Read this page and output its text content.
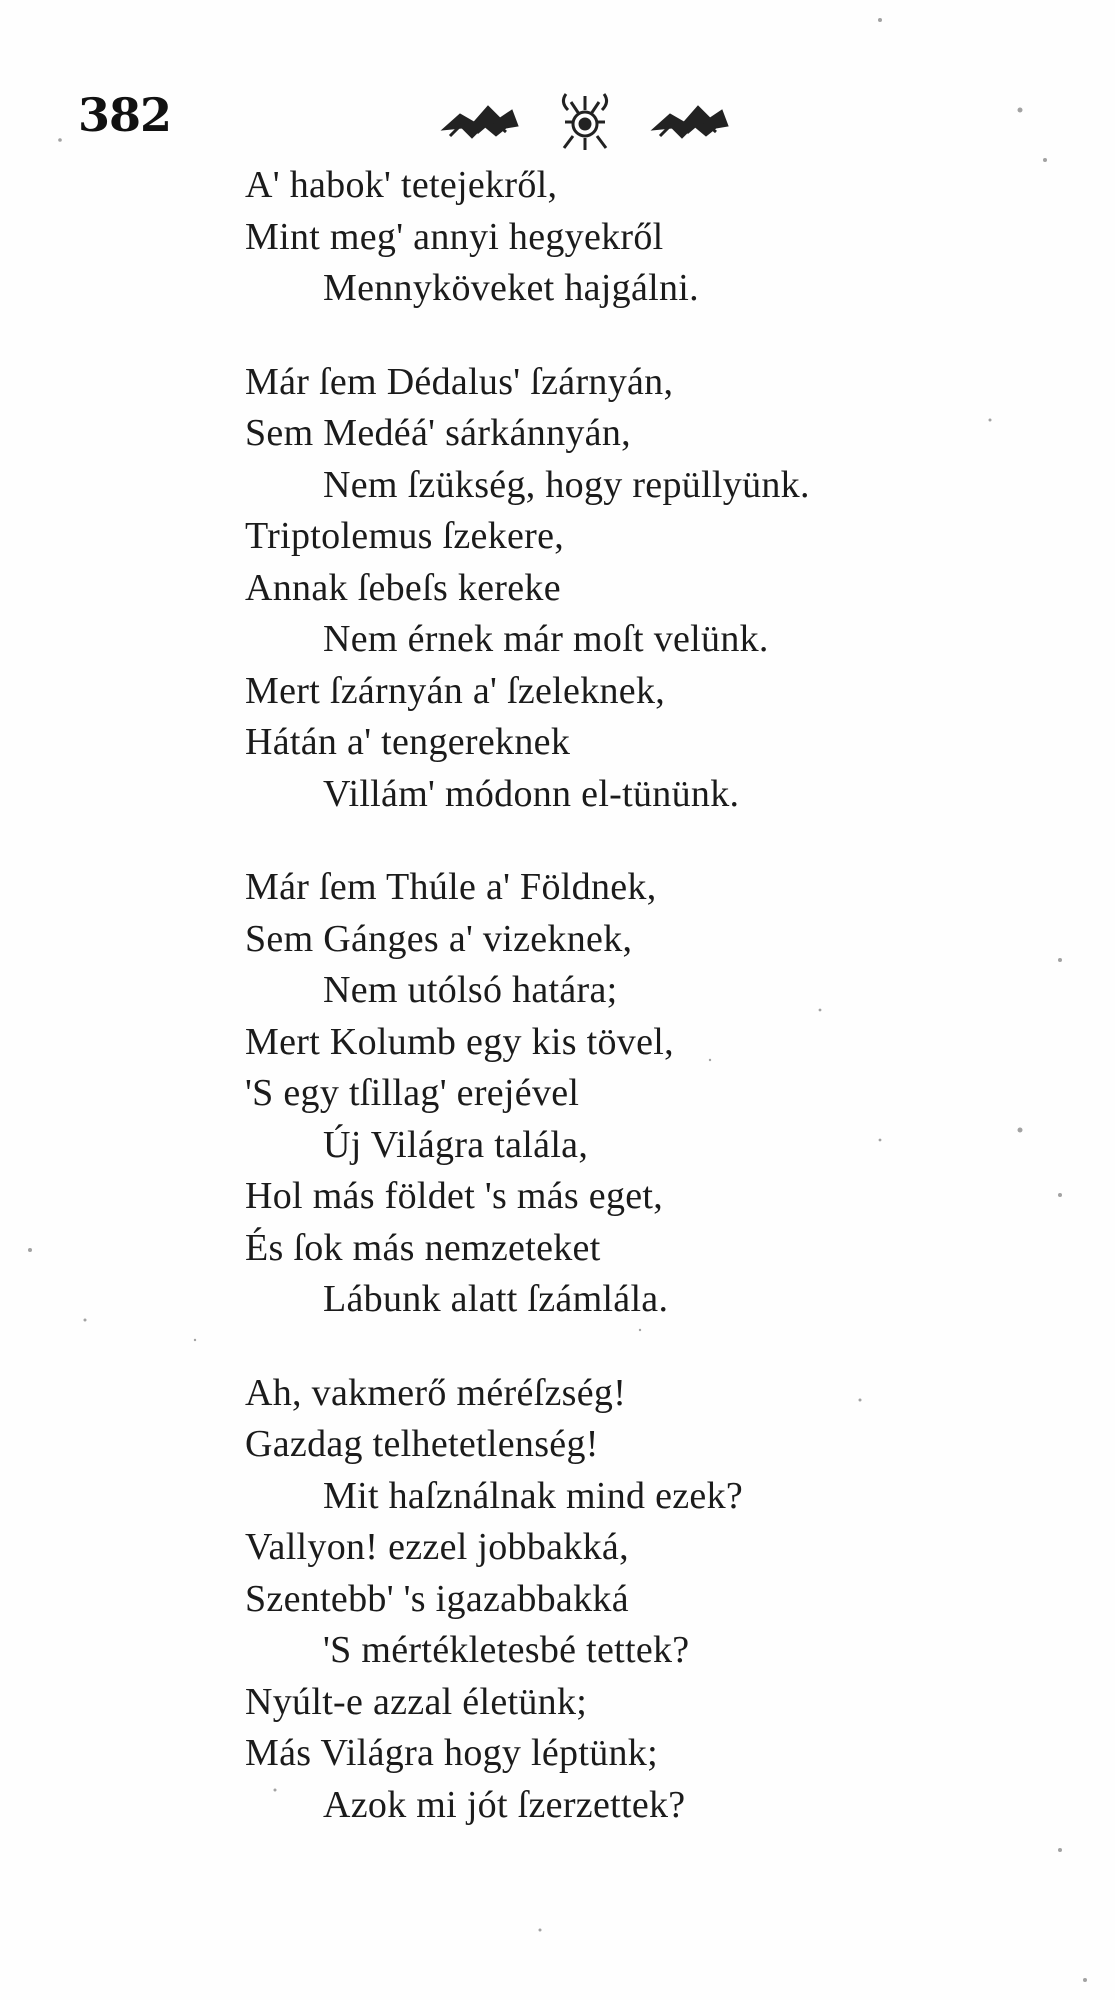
382
A' habok' tetejekről,
Mint meg' annyi hegyekről
Mennyköveket hajgálni.
Már ſem Dédalus' ſzárnyán,
Sem Medéá' sárkánnyán,
Nem ſzükség, hogy repüllyünk.
Triptolemus ſzekere,
Annak ſebeſs kereke
Nem érnek már moſt velünk.
Mert ſzárnyán a' ſzeleknek,
Hátán a' tengereknek
Villám' módonn el-tününk.
Már ſem Thúle a' Földnek,
Sem Gánges a' vizeknek,
Nem utólsó határa;
Mert Kolumb egy kis tövel,
'S egy tſillag' erejével
Új Világra talála,
Hol más földet 's más eget,
És ſok más nemzeteket
Lábunk alatt ſzámlála.
Ah, vakmerő méréſzség!
Gazdag telhetetlenség!
Mit haſználnak mind ezek?
Vallyon! ezzel jobbakká,
Szentebb' 's igazabbakká
'S mértékletesbé tettek?
Nyúlt-e azzal életünk;
Más Világra hogy léptünk;
Azok mi jót ſzerzettek?
